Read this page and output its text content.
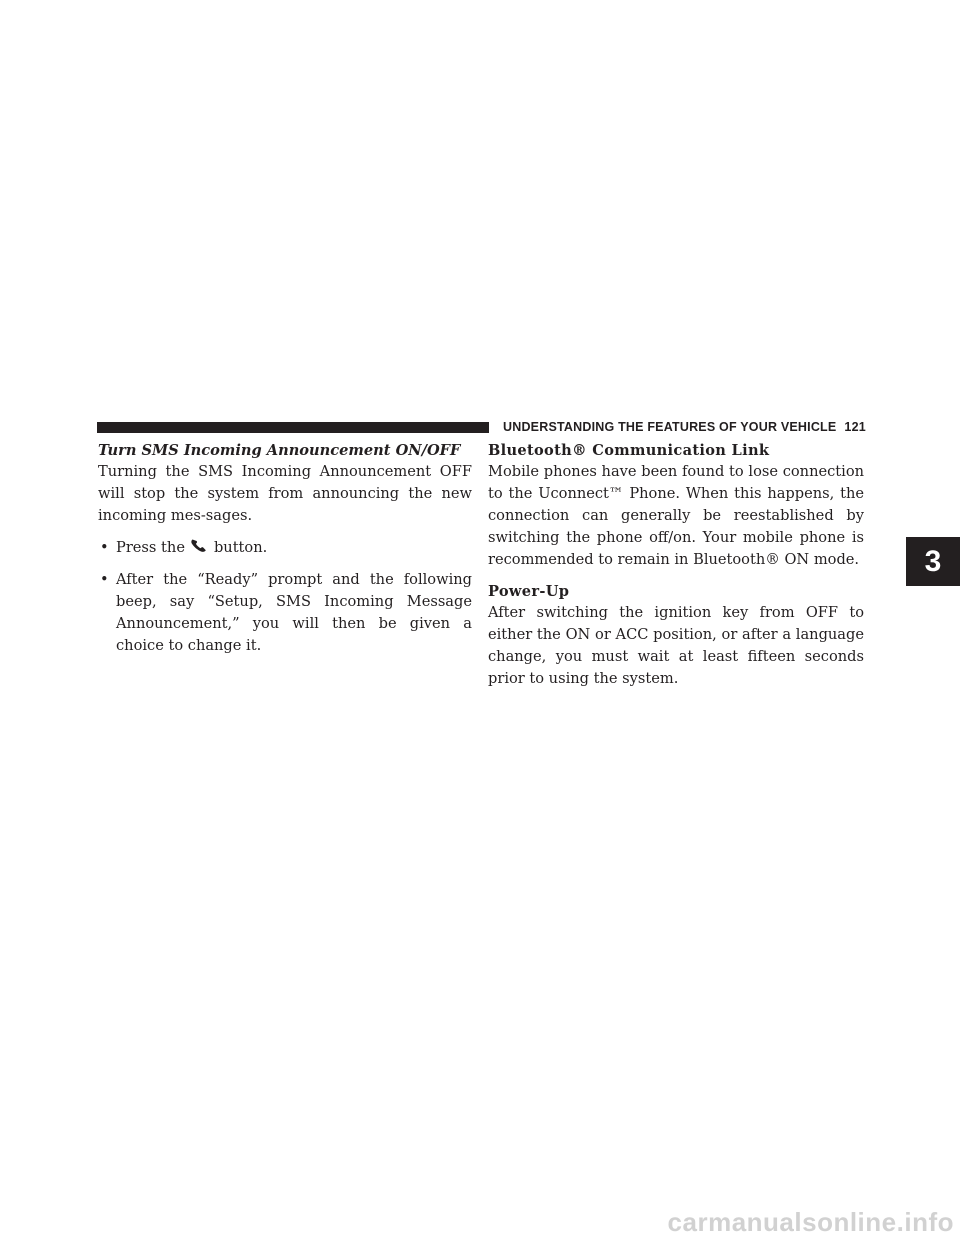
UNDERSTANDING THE FEATURES OF YOUR VEHICLE 121
3

Turn SMS Incoming Announcement ON/OFF

Turning the SMS Incoming Announcement OFF will stop the system from announcing the new incoming mes-sages.

• Press the button.
• After the “Ready” prompt and the following beep, say “Setup, SMS Incoming Message Announcement,” you will then be given a choice to change it.

Bluetooth® Communication Link

Mobile phones have been found to lose connection to the Uconnect™ Phone. When this happens, the connection can generally be reestablished by switching the phone off/on. Your mobile phone is recommended to remain in Bluetooth® ON mode.

Power-Up

After switching the ignition key from OFF to either the ON or ACC position, or after a language change, you must wait at least fifteen seconds prior to using the system.

carmanualsonline.info
